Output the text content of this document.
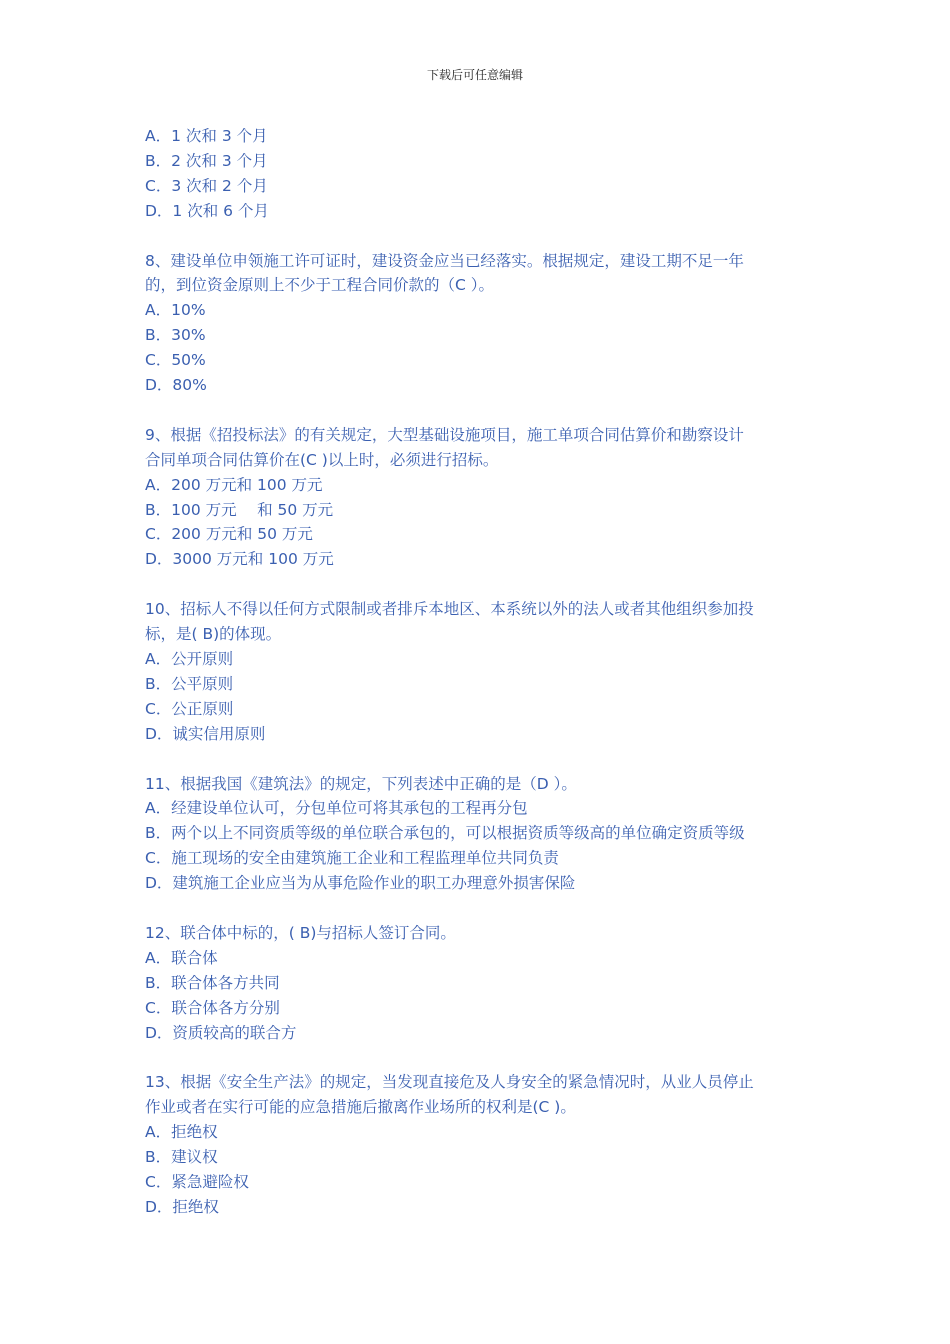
下载后可任意编辑

A．1 次和 3 个月

B．2 次和 3 个月

C．3 次和 2 个月

D．1 次和 6 个月

8、建设单位申领施工许可证时，建设资金应当已经落实。根据规定，建设工期不足一年

的，到位资金原则上不少于工程合同价款的（C ）。

A．10%

B．30%

C．50%

D．80%

9、根据《招投标法》的有关规定，大型基础设施项目，施工单项合同估算价和勘察设计

合同单项合同估算价在(C )以上时，必须进行招标。

A．200 万元和 100 万元

B．100 万元　 和 50 万元

C．200 万元和 50 万元

D．3000 万元和 100 万元

10、招标人不得以任何方式限制或者排斥本地区、本系统以外的法人或者其他组织参加投

标，是( B)的体现。

A．公开原则

B．公平原则

C．公正原则

D．诚实信用原则

11、根据我国《建筑法》的规定，下列表述中正确的是（D ）。

A．经建设单位认可，分包单位可将其承包的工程再分包

B．两个以上不同资质等级的单位联合承包的，可以根据资质等级高的单位确定资质等级

C．施工现场的安全由建筑施工企业和工程监理单位共同负责

D．建筑施工企业应当为从事危险作业的职工办理意外损害保险

12、联合体中标的，( B)与招标人签订合同。

A．联合体

B．联合体各方共同

C．联合体各方分别

D．资质较高的联合方

13、根据《安全生产法》的规定，当发现直接危及人身安全的紧急情况时，从业人员停止

作业或者在实行可能的应急措施后撤离作业场所的权利是(C )。

A．拒绝权

B．建议权

C．紧急避险权

D．拒绝权
